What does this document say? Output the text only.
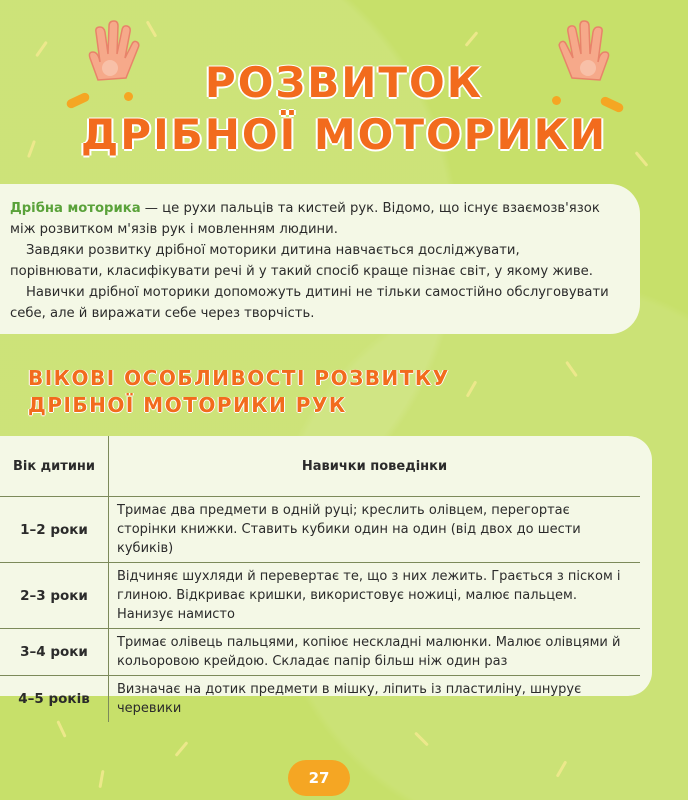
РОЗВИТОК
ДРІБНОЇ МОТОРИКИ

Дрібна моторика — це рухи пальців та кистей рук. Відомо, що існує взаємозв'язок між розвитком м'язів рук і мовленням людини.

Завдяки розвитку дрібної моторики дитина навчається досліджувати, порівнювати, класифікувати речі й у такий спосіб краще пізнає світ, у якому живе.

Навички дрібної моторики допоможуть дитині не тільки самостійно обслуговувати себе, але й виражати себе через творчість.

ВІКОВІ ОСОБЛИВОСТІ РОЗВИТКУ
ДРІБНОЇ МОТОРИКИ РУК
Вік дитини	Навички поведінки
1–2 роки	Тримає два предмети в одній руці; креслить олівцем, перегортає сторінки книжки. Ставить кубики один на один (від двох до шести кубиків)
2–3 роки	Відчиняє шухляди й перевертає те, що з них лежить. Грається з піском і глиною. Відкриває кришки, використовує ножиці, малює пальцем. Нанизує намисто
3–4 роки	Тримає олівець пальцями, копіює нескладні малюнки. Малює олівцями й кольоровою крейдою. Складає папір більш ніж один раз
4–5 років	Визначає на дотик предмети в мішку, ліпить із пластиліну, шнурує черевики
27
